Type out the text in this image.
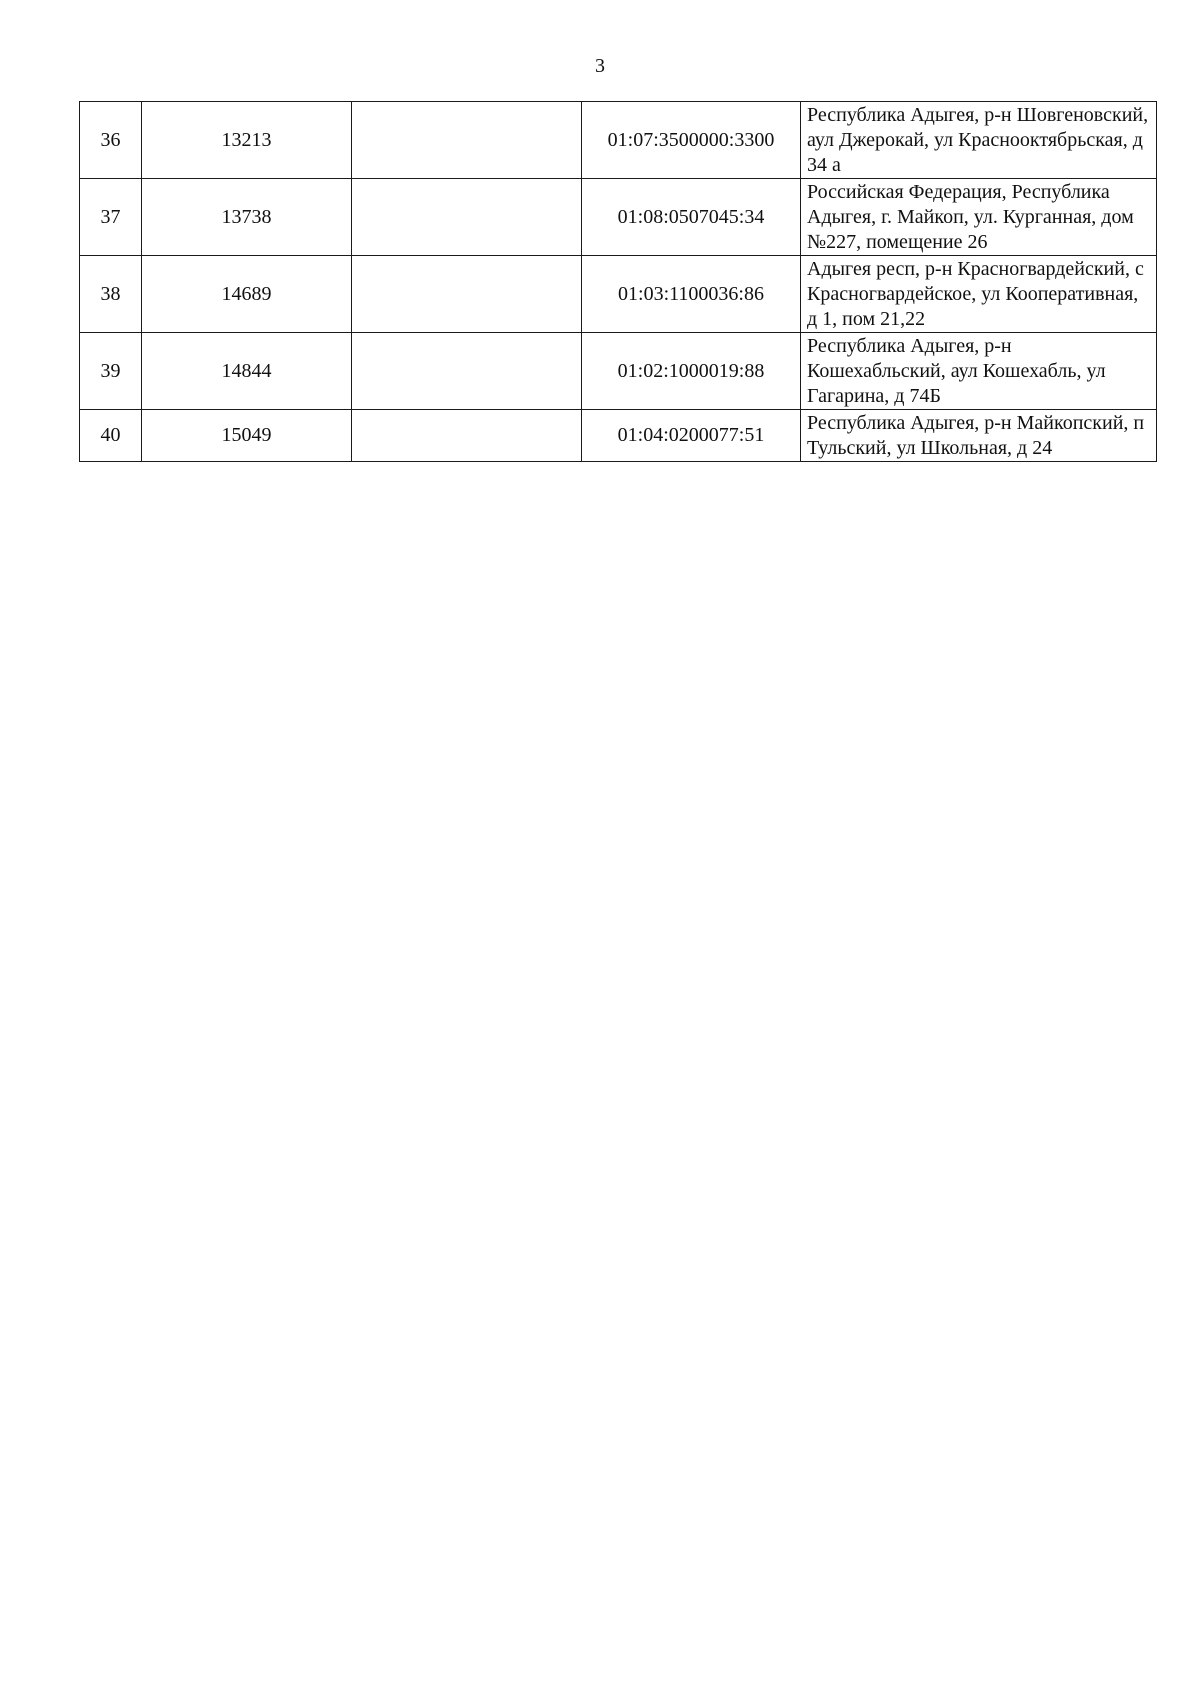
3
36	13213		01:07:3500000:3300	Республика Адыгея, р-н Шовгеновский, аул Джерокай, ул Краснооктябрьская, д 34 а
37	13738		01:08:0507045:34	Российская Федерация, Республика Адыгея, г. Майкоп, ул. Курганная, дом №227, помещение 26
38	14689		01:03:1100036:86	Адыгея респ, р-н Красногвардейский, с Красногвардейское, ул Кооперативная, д 1, пом 21,22
39	14844		01:02:1000019:88	Республика Адыгея, р-н Кошехабльский, аул Кошехабль, ул Гагарина, д 74Б
40	15049		01:04:0200077:51	Республика Адыгея, р-н Майкопский, п Тульский, ул Школьная, д 24
